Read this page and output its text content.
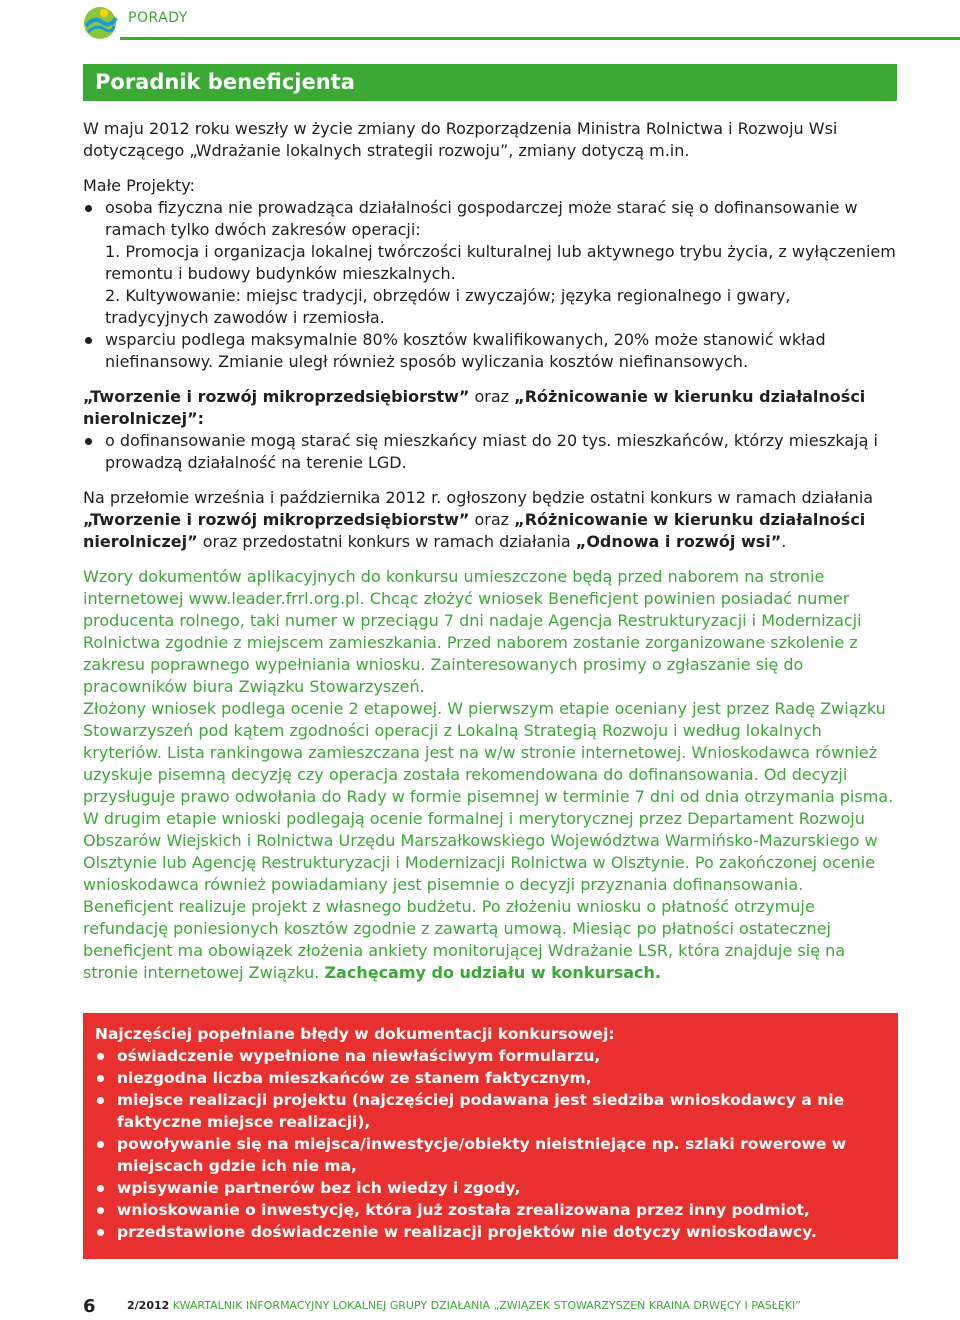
PORADY
Poradnik beneficjenta

W maju 2012 roku weszły w życie zmiany do Rozporządzenia Ministra Rolnictwa i Rozwoju Wsi dotyczącego „Wdrażanie lokalnych strategii rozwoju”, zmiany dotyczą m.in.

Małe Projekty:

osoba fizyczna nie prowadząca działalności gospodarczej może starać się o dofinansowanie w ramach tylko dwóch zakresów operacji:

1. Promocja i organizacja lokalnej twórczości kulturalnej lub aktywnego trybu życia, z wyłączeniem remontu i budowy budynków mieszkalnych.

2. Kultywowanie: miejsc tradycji, obrzędów i zwyczajów; języka regionalnego i gwary, tradycyjnych zawodów i rzemiosła.

wsparciu podlega maksymalnie 80% kosztów kwalifikowanych, 20% może stanowić wkład niefinansowy. Zmianie uległ również sposób wyliczania kosztów niefinansowych.

„Tworzenie i rozwój mikroprzedsiębiorstw” oraz „Różnicowanie w kierunku działalności nierolniczej”:

o dofinansowanie mogą starać się mieszkańcy miast do 20 tys. mieszkańców, którzy mieszkają i prowadzą działalność na terenie LGD.

Na przełomie września i października 2012 r. ogłoszony będzie ostatni konkurs w ramach działania „Tworzenie i rozwój mikroprzedsiębiorstw” oraz „Różnicowanie w kierunku działalności nierolniczej” oraz przedostatni konkurs w ramach działania „Odnowa i rozwój wsi”.

Wzory dokumentów aplikacyjnych do konkursu umieszczone będą przed naborem na stronie internetowej www.leader.frrl.org.pl. Chcąc złożyć wniosek Beneficjent powinien posiadać numer producenta rolnego, taki numer w przeciągu 7 dni nadaje Agencja Restrukturyzacji i Modernizacji Rolnictwa zgodnie z miejscem zamieszkania. Przed naborem zostanie zorganizowane szkolenie z zakresu poprawnego wypełniania wniosku. Zainteresowanych prosimy o zgłaszanie się do pracowników biura Związku Stowarzyszeń.

Złożony wniosek podlega ocenie 2 etapowej. W pierwszym etapie oceniany jest przez Radę Związku Stowarzyszeń pod kątem zgodności operacji z Lokalną Strategią Rozwoju i według lokalnych kryteriów. Lista rankingowa zamieszczana jest na w/w stronie internetowej. Wnioskodawca również uzyskuje pisemną decyzję czy operacja została rekomendowana do dofinansowania. Od decyzji przysługuje prawo odwołania do Rady w formie pisemnej w terminie 7 dni od dnia otrzymania pisma.

W drugim etapie wnioski podlegają ocenie formalnej i merytorycznej przez Departament Rozwoju Obszarów Wiejskich i Rolnictwa Urzędu Marszałkowskiego Województwa Warmińsko-Mazurskiego w Olsztynie lub Agencję Restrukturyzacji i Modernizacji Rolnictwa w Olsztynie. Po zakończonej ocenie wnioskodawca również powiadamiany jest pisemnie o decyzji przyznania dofinansowania.

Beneficjent realizuje projekt z własnego budżetu. Po złożeniu wniosku o płatność otrzymuje refundację poniesionych kosztów zgodnie z zawartą umową. Miesiąc po płatności ostatecznej beneficjent ma obowiązek złożenia ankiety monitorującej Wdrażanie LSR, która znajduje się na stronie internetowej Związku. Zachęcamy do udziału w konkursach.

Najczęściej popełniane błędy w dokumentacji konkursowej:

oświadczenie wypełnione na niewłaściwym formularzu,

niezgodna liczba mieszkańców ze stanem faktycznym,

miejsce realizacji projektu (najczęściej podawana jest siedziba wnioskodawcy a nie faktyczne miejsce realizacji),

powoływanie się na miejsca/inwestycje/obiekty nieistniejące np. szlaki rowerowe w miejscach gdzie ich nie ma,

wpisywanie partnerów bez ich wiedzy i zgody,

wnioskowanie o inwestycję, która już została zrealizowana przez inny podmiot,

przedstawione doświadczenie w realizacji projektów nie dotyczy wnioskodawcy.

6	2/2012 KWARTALNIK INFORMACYJNY LOKALNEJ GRUPY DZIAŁANIA „ZWIĄZEK STOWARZYSZEŃ KRAINA DRWĘCY I PASŁĘKI”
